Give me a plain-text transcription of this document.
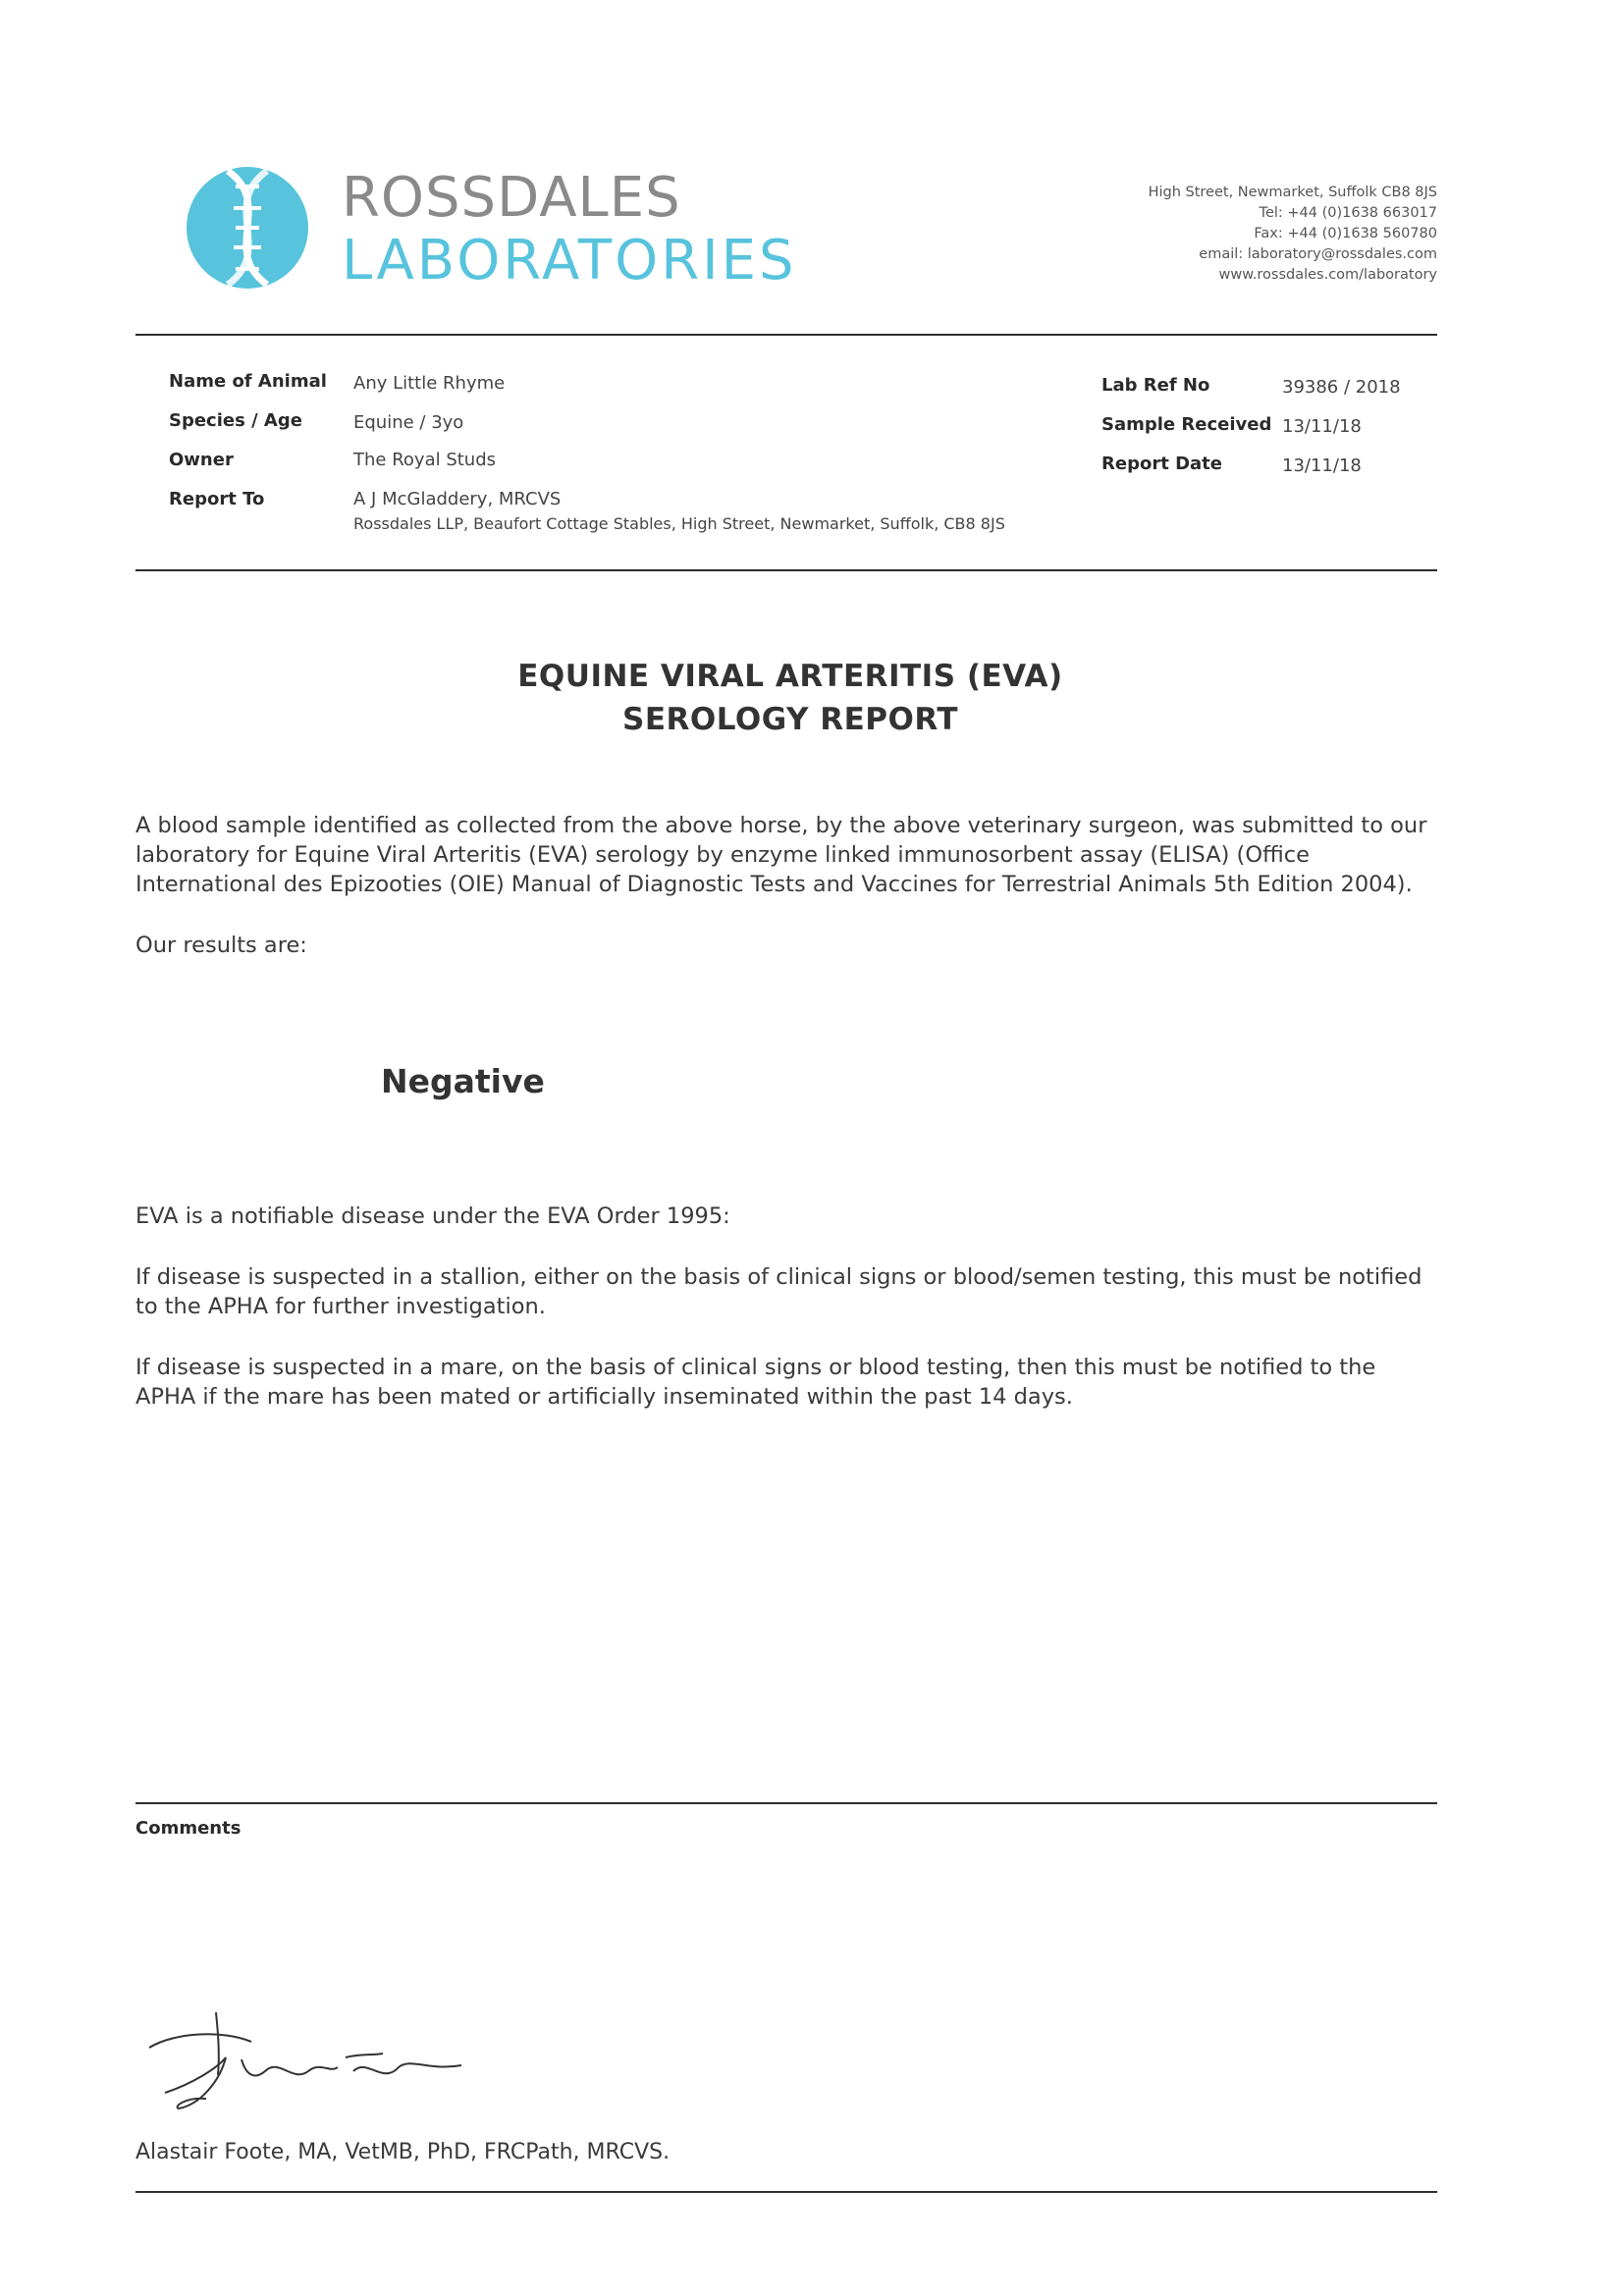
ROSSDALES
LABORATORIES
High Street, Newmarket, Suffolk CB8 8JS
Tel: +44 (0)1638 663017
Fax: +44 (0)1638 560780
email: laboratory@rossdales.com
www.rossdales.com/laboratory
Name of Animal Any Little Rhyme
Species / Age	Equine / 3yo
Owner	The Royal Studs
Report To	A J McGladdery, MRCVS
Rossdales LLP, Beaufort Cottage Stables, High Street, Newmarket, Suffolk, CB8 8JS
Lab Ref No	39386 / 2018
Sample Received 13/11/18
Report Date	13/11/18
EQUINE VIRAL ARTERITIS (EVA)
SEROLOGY REPORT
A blood sample identified as collected from the above horse, by the above veterinary surgeon, was submitted to our laboratory for Equine Viral Arteritis (EVA) serology by enzyme linked immunosorbent assay (ELISA) (Office International des Epizooties (OIE) Manual of Diagnostic Tests and Vaccines for Terrestrial Animals 5th Edition 2004).
Our results are:
Negative
EVA is a notifiable disease under the EVA Order 1995:
If disease is suspected in a stallion, either on the basis of clinical signs or blood/semen testing, this must be notified to the APHA for further investigation.
If disease is suspected in a mare, on the basis of clinical signs or blood testing, then this must be notified to the APHA if the mare has been mated or artificially inseminated within the past 14 days.
Comments
Alastair Foote, MA, VetMB, PhD, FRCPath, MRCVS.
